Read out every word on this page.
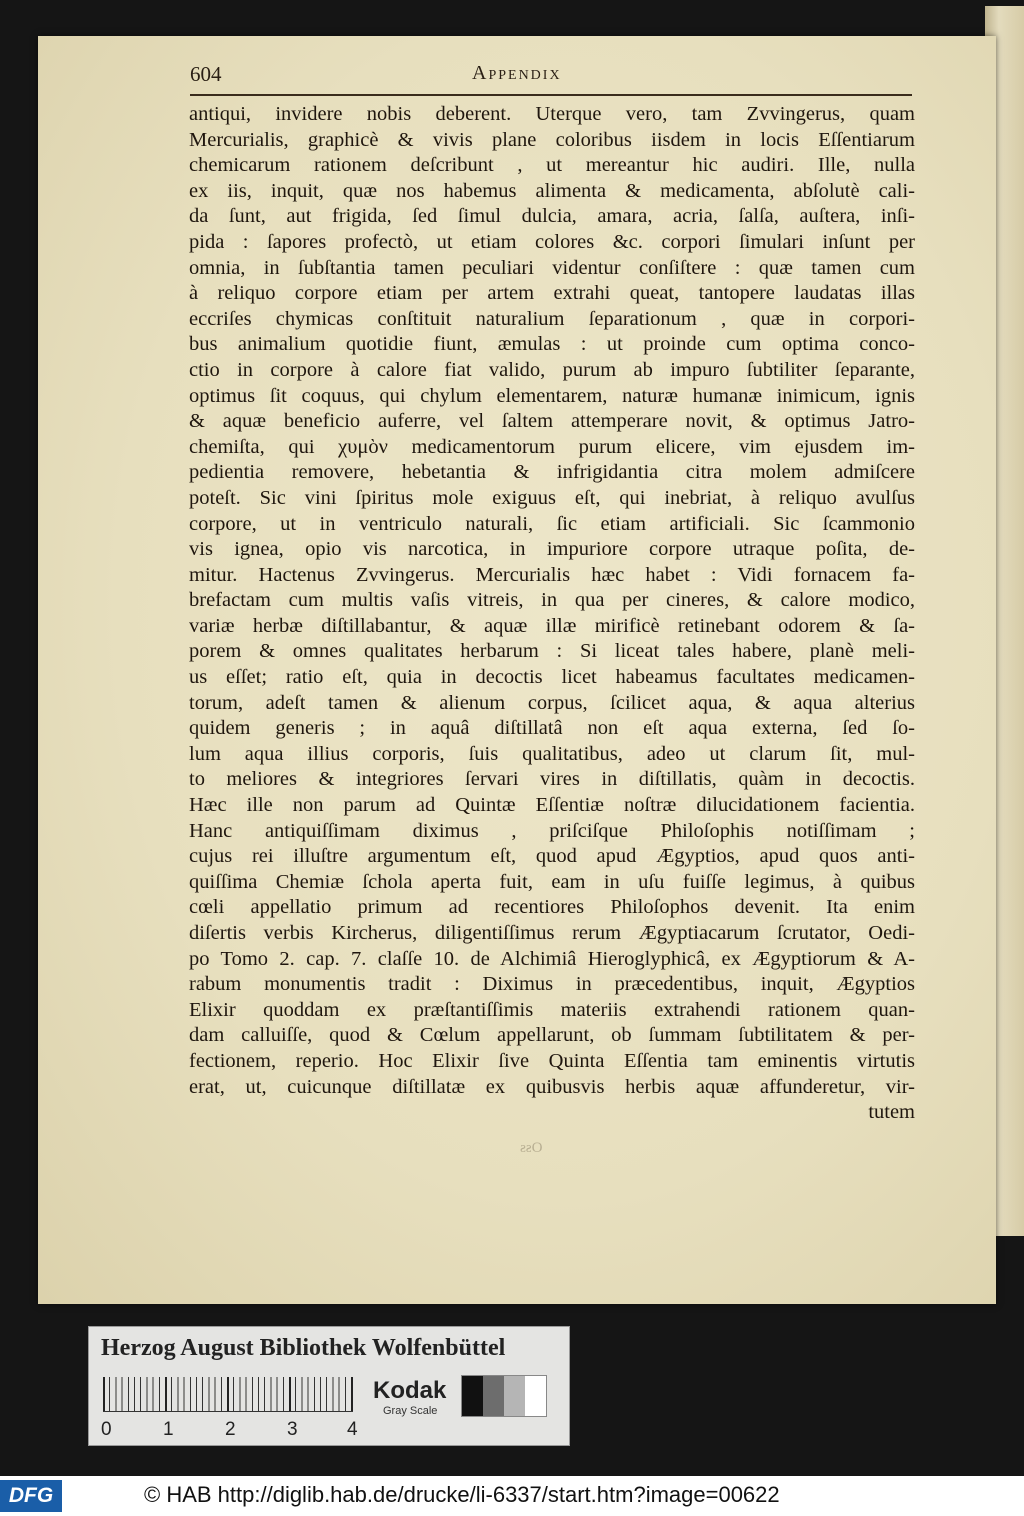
604	Appendix
antiqui, invidere nobis deberent. Uterque vero, tam Zvvingerus, quam
Mercurialis, graphicè & vivis plane coloribus iisdem in locis Eſſentiarum
chemicarum rationem deſcribunt , ut mereantur hic audiri. Ille, nulla
ex iis, inquit, quæ nos habemus alimenta & medicamenta, abſolutè cali-
da ſunt, aut frigida, ſed ſimul dulcia, amara, acria, ſalſa, auſtera, inſi-
pida : ſapores profectò, ut etiam colores &c. corpori ſimulari inſunt per
omnia, in ſubſtantia tamen peculiari videntur conſiſtere : quæ tamen cum
à reliquo corpore etiam per artem extrahi queat, tantopere laudatas illas
eccriſes chymicas conſtituit naturalium ſeparationum , quæ in corpori-
bus animalium quotidie fiunt, æmulas : ut proinde cum optima conco-
ctio in corpore à calore fiat valido, purum ab impuro ſubtiliter ſeparante,
optimus ſit coquus, qui chylum elementarem, naturæ humanæ inimicum, ignis
& aquæ beneficio auferre, vel ſaltem attemperare novit, & optimus Jatro-
chemiſta, qui χυμὸν medicamentorum purum elicere, vim ejusdem im-
pedientia removere, hebetantia & infrigidantia citra molem admiſcere
poteſt. Sic vini ſpiritus mole exiguus eſt, qui inebriat, à reliquo avulſus
corpore, ut in ventriculo naturali, ſic etiam artificiali. Sic ſcammonio
vis ignea, opio vis narcotica, in impuriore corpore utraque poſita, de-
mitur. Hactenus Zvvingerus. Mercurialis hæc habet : Vidi fornacem fa-
brefactam cum multis vaſis vitreis, in qua per cineres, & calore modico,
variæ herbæ diſtillabantur, & aquæ illæ mirificè retinebant odorem & ſa-
porem & omnes qualitates herbarum : Si liceat tales habere, planè meli-
us eſſet; ratio eſt, quia in decoctis licet habeamus facultates medicamen-
torum, adeſt tamen & alienum corpus, ſcilicet aqua, & aqua alterius
quidem generis ; in aquâ diſtillatâ non eſt aqua externa, ſed ſo-
lum aqua illius corporis, ſuis qualitatibus, adeo ut clarum ſit, mul-
to meliores & integriores ſervari vires in diſtillatis, quàm in decoctis.
Hæc ille non parum ad Quintæ Eſſentiæ noſtræ dilucidationem facientia.
Hanc antiquiſſimam diximus , priſciſque Philoſophis notiſſimam ;
cujus rei illuſtre argumentum eſt, quod apud Ægyptios, apud quos anti-
quiſſima Chemiæ ſchola aperta fuit, eam in uſu fuiſſe legimus, à quibus
cœli appellatio primum ad recentiores Philoſophos devenit. Ita enim
diſertis verbis Kircherus, diligentiſſimus rerum Ægyptiacarum ſcrutator, Oedi-
po Tomo 2. cap. 7. claſſe 10. de Alchimiâ Hieroglyphicâ, ex Ægyptiorum & A-
rabum monumentis tradit : Diximus in præcedentibus, inquit, Ægyptios
Elixir quoddam ex præſtantiſſimis materiis extrahendi rationem quan-
dam calluiſſe, quod & Cœlum appellarunt, ob ſummam ſubtilitatem & per-
fectionem, reperio. Hoc Elixir ſive Quinta Eſſentia tam eminentis virtutis
erat, ut, cuicunque diſtillatæ ex quibusvis herbis aquæ affunderetur, vir-
tutem
Oss
Herzog August Bibliothek Wolfenbüttel
0	1	2	3	4
Kodak
Gray Scale
DFG	© HAB http://diglib.hab.de/drucke/li-6337/start.htm?image=00622
